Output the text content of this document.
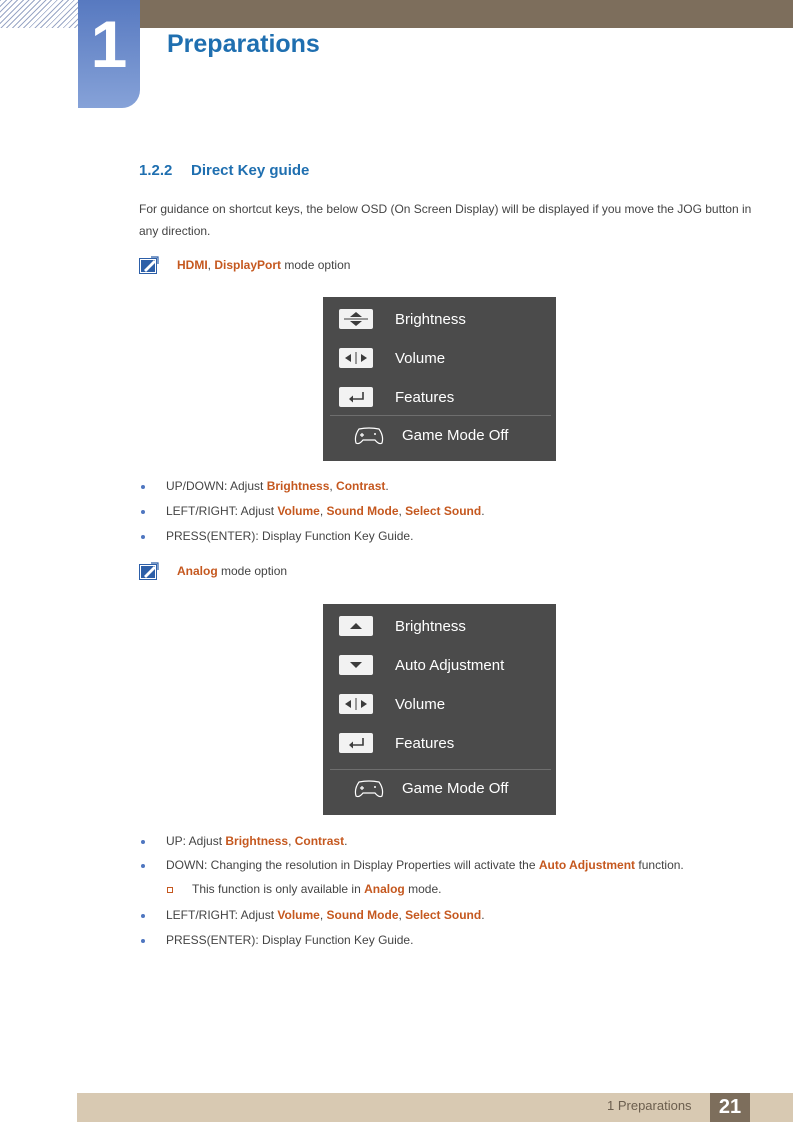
1	Preparations
1.2.2 Direct Key guide
For guidance on shortcut keys, the below OSD (On Screen Display) will be displayed if you move the JOG button in any direction.
HDMI, DisplayPort mode option
Brightness
Volume
Features
Game Mode Off
UP/DOWN: Adjust Brightness, Contrast.
LEFT/RIGHT: Adjust Volume, Sound Mode, Select Sound.
PRESS(ENTER): Display Function Key Guide.
Analog mode option
Brightness
Auto Adjustment
Volume
Features
Game Mode Off
UP: Adjust Brightness, Contrast.
DOWN: Changing the resolution in Display Properties will activate the Auto Adjustment function.
This function is only available in Analog mode.
LEFT/RIGHT: Adjust Volume, Sound Mode, Select Sound.
PRESS(ENTER): Display Function Key Guide.
1 Preparations	21
